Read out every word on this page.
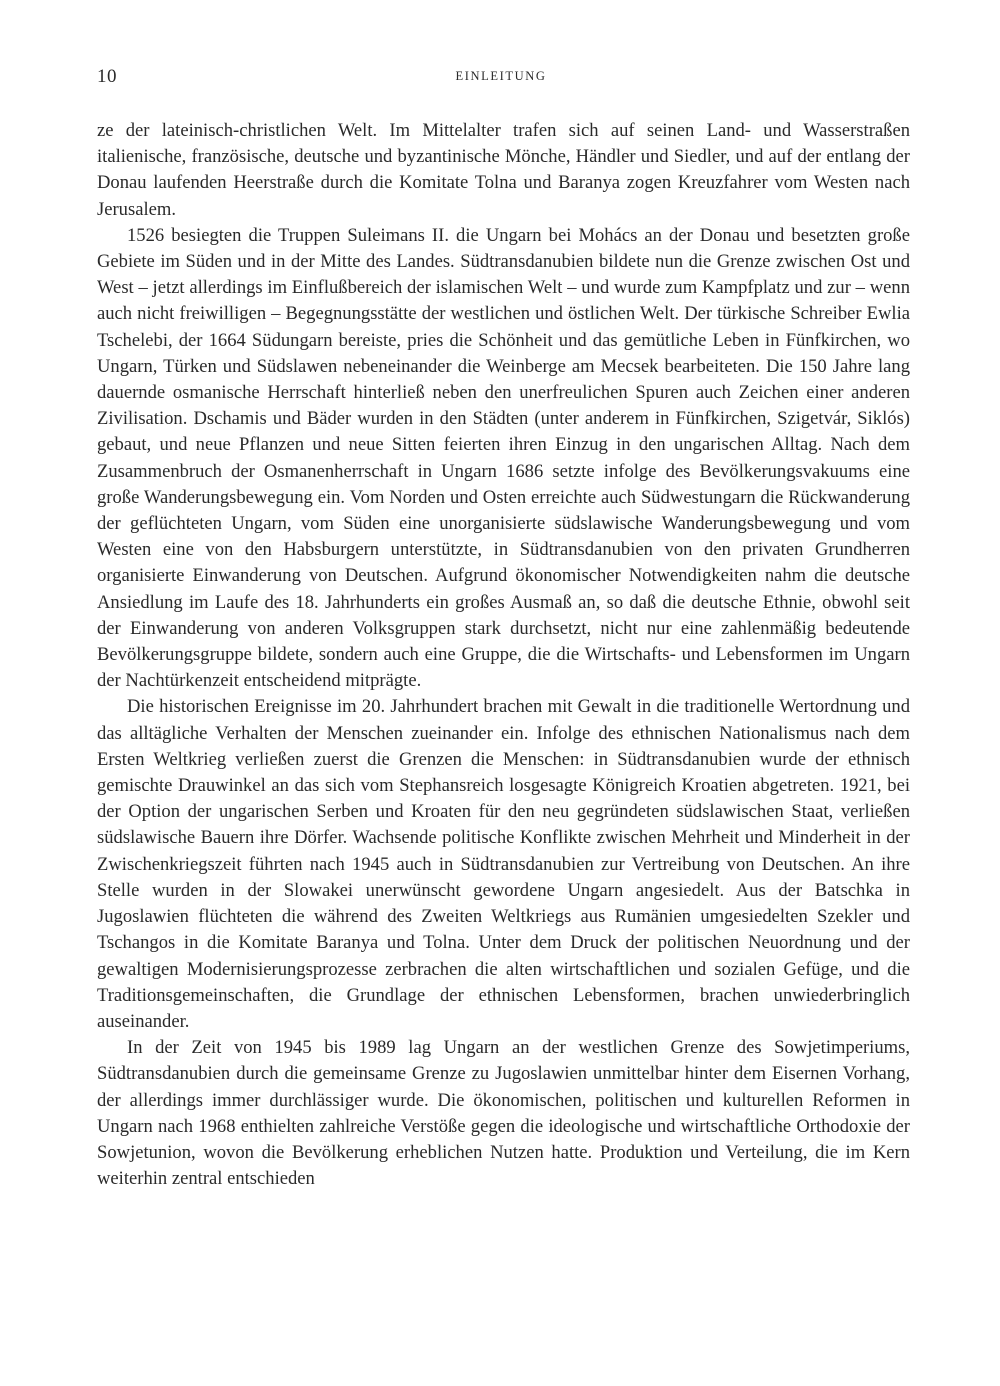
10	EINLEITUNG

ze der lateinisch-christlichen Welt. Im Mittelalter trafen sich auf seinen Land- und Wasserstraßen italienische, französische, deutsche und byzantinische Mönche, Händler und Siedler, und auf der entlang der Donau laufenden Heerstraße durch die Komitate Tolna und Baranya zogen Kreuzfahrer vom Westen nach Jerusalem.

1526 besiegten die Truppen Suleimans II. die Ungarn bei Mohács an der Donau und besetzten große Gebiete im Süden und in der Mitte des Landes. Südtransdanubien bildete nun die Grenze zwischen Ost und West – jetzt allerdings im Einflußbereich der islamischen Welt – und wurde zum Kampfplatz und zur – wenn auch nicht freiwilligen – Begegnungsstätte der westlichen und östlichen Welt. Der türkische Schreiber Ewlia Tschelebi, der 1664 Südungarn bereiste, pries die Schönheit und das gemütliche Leben in Fünfkirchen, wo Ungarn, Türken und Südslawen nebeneinander die Weinberge am Mecsek bearbeiteten. Die 150 Jahre lang dauernde osmanische Herrschaft hinterließ neben den unerfreulichen Spuren auch Zeichen einer anderen Zivilisation. Dschamis und Bäder wurden in den Städten (unter anderem in Fünfkirchen, Szigetvár, Siklós) gebaut, und neue Pflanzen und neue Sitten feierten ihren Einzug in den ungarischen Alltag. Nach dem Zusammenbruch der Osmanenherrschaft in Ungarn 1686 setzte infolge des Bevölkerungsvakuums eine große Wanderungsbewegung ein. Vom Norden und Osten erreichte auch Südwestungarn die Rückwanderung der geflüchteten Ungarn, vom Süden eine unorganisierte südslawische Wanderungsbewegung und vom Westen eine von den Habsburgern unterstützte, in Südtransdanubien von den privaten Grundherren organisierte Einwanderung von Deutschen. Aufgrund ökonomischer Notwendigkeiten nahm die deutsche Ansiedlung im Laufe des 18. Jahrhunderts ein großes Ausmaß an, so daß die deutsche Ethnie, obwohl seit der Einwanderung von anderen Volksgruppen stark durchsetzt, nicht nur eine zahlenmäßig bedeutende Bevölkerungsgruppe bildete, sondern auch eine Gruppe, die die Wirtschafts- und Lebensformen im Ungarn der Nachtürkenzeit entscheidend mitprägte.

Die historischen Ereignisse im 20. Jahrhundert brachen mit Gewalt in die traditionelle Wertordnung und das alltägliche Verhalten der Menschen zueinander ein. Infolge des ethnischen Nationalismus nach dem Ersten Weltkrieg verließen zuerst die Grenzen die Menschen: in Südtransdanubien wurde der ethnisch gemischte Drauwinkel an das sich vom Stephansreich losgesagte Königreich Kroatien abgetreten. 1921, bei der Option der ungarischen Serben und Kroaten für den neu gegründeten südslawischen Staat, verließen südslawische Bauern ihre Dörfer. Wachsende politische Konflikte zwischen Mehrheit und Minderheit in der Zwischenkriegszeit führten nach 1945 auch in Südtransdanubien zur Vertreibung von Deutschen. An ihre Stelle wurden in der Slowakei unerwünscht gewordene Ungarn angesiedelt. Aus der Batschka in Jugoslawien flüchteten die während des Zweiten Weltkriegs aus Rumänien umgesiedelten Szekler und Tschangos in die Komitate Baranya und Tolna. Unter dem Druck der politischen Neuordnung und der gewaltigen Modernisierungsprozesse zerbrachen die alten wirtschaftlichen und sozialen Gefüge, und die Traditionsgemeinschaften, die Grundlage der ethnischen Lebensformen, brachen unwiederbringlich auseinander.

In der Zeit von 1945 bis 1989 lag Ungarn an der westlichen Grenze des Sowjetimperiums, Südtransdanubien durch die gemeinsame Grenze zu Jugoslawien unmittelbar hinter dem Eisernen Vorhang, der allerdings immer durchlässiger wurde. Die ökonomischen, politischen und kulturellen Reformen in Ungarn nach 1968 enthielten zahlreiche Verstöße gegen die ideologische und wirtschaftliche Orthodoxie der Sowjetunion, wovon die Bevölkerung erheblichen Nutzen hatte. Produktion und Verteilung, die im Kern weiterhin zentral entschieden
